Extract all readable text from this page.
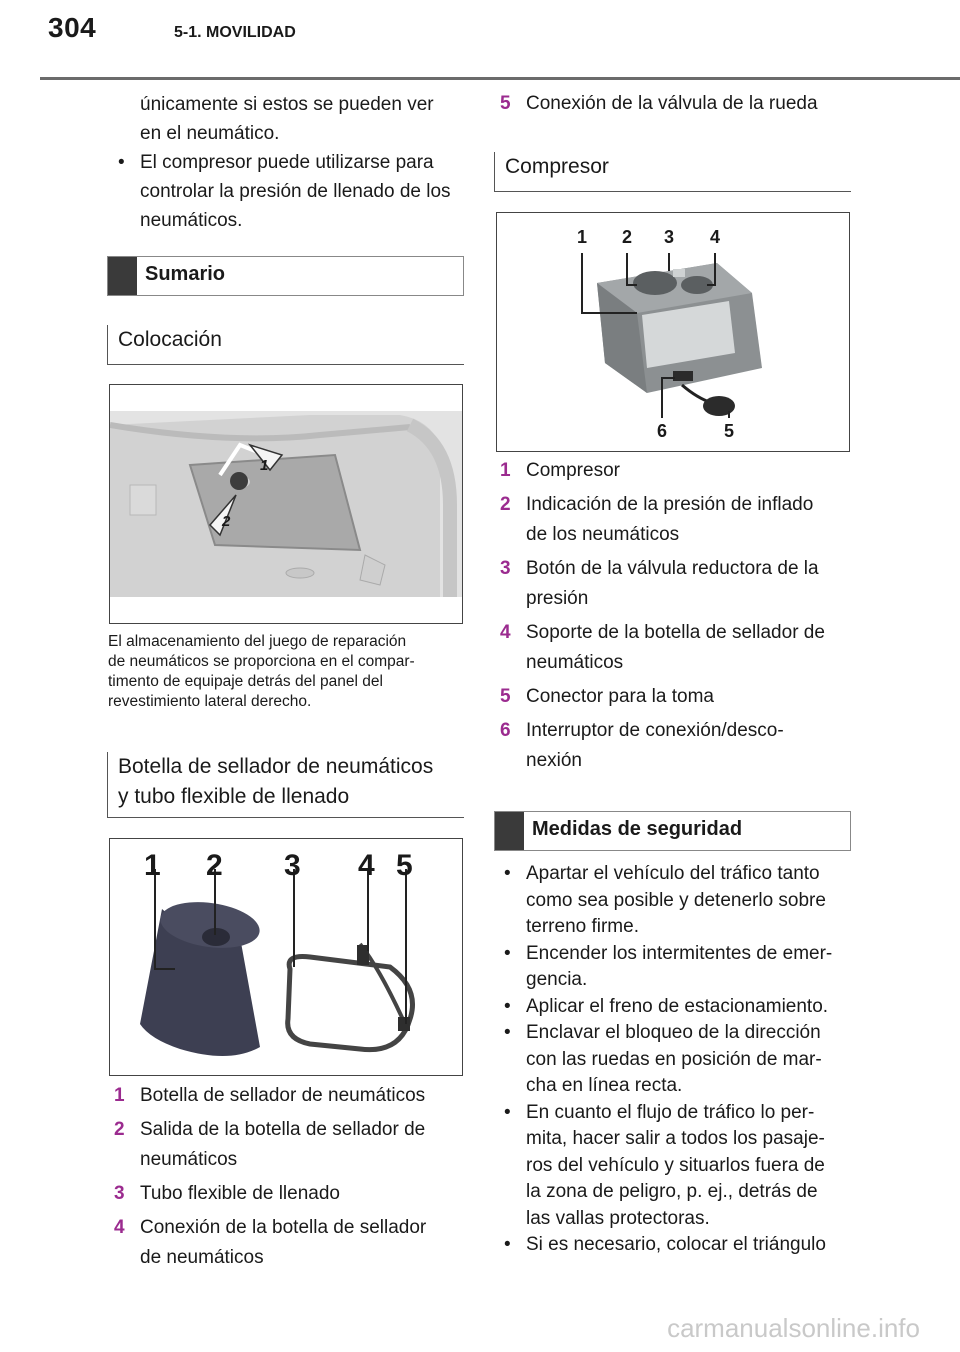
304	5-1. MOVILIDAD
únicamente si estos se pueden ver
en el neumático.
• El compresor puede utilizarse para
controlar la presión de llenado de los
neumáticos.
Sumario
Colocación
1
2
El almacenamiento del juego de reparación
de neumáticos se proporciona en el compar-
timento de equipaje detrás del panel del
revestimiento lateral derecho.
Botella de sellador de neumáticos
y tubo flexible de llenado
1 2 3 4 5
1 Botella de sellador de neumáticos
2 Salida de la botella de sellador de
neumáticos
3 Tubo flexible de llenado
4 Conexión de la botella de sellador
de neumáticos
5 Conexión de la válvula de la rueda
Compresor
1 2 3 4
6	5
1 Compresor
2 Indicación de la presión de inflado
de los neumáticos
3 Botón de la válvula reductora de la
presión
4 Soporte de la botella de sellador de
neumáticos
5 Conector para la toma
6 Interruptor de conexión/desco-
nexión
Medidas de seguridad
• Apartar el vehículo del tráfico tanto
como sea posible y detenerlo sobre
terreno firme.
• Encender los intermitentes de emer-
gencia.
• Aplicar el freno de estacionamiento.
• Enclavar el bloqueo de la dirección
con las ruedas en posición de mar-
cha en línea recta.
• En cuanto el flujo de tráfico lo per-
mita, hacer salir a todos los pasaje-
ros del vehículo y situarlos fuera de
la zona de peligro, p. ej., detrás de
las vallas protectoras.
• Si es necesario, colocar el triángulo
carmanualsonline.info
